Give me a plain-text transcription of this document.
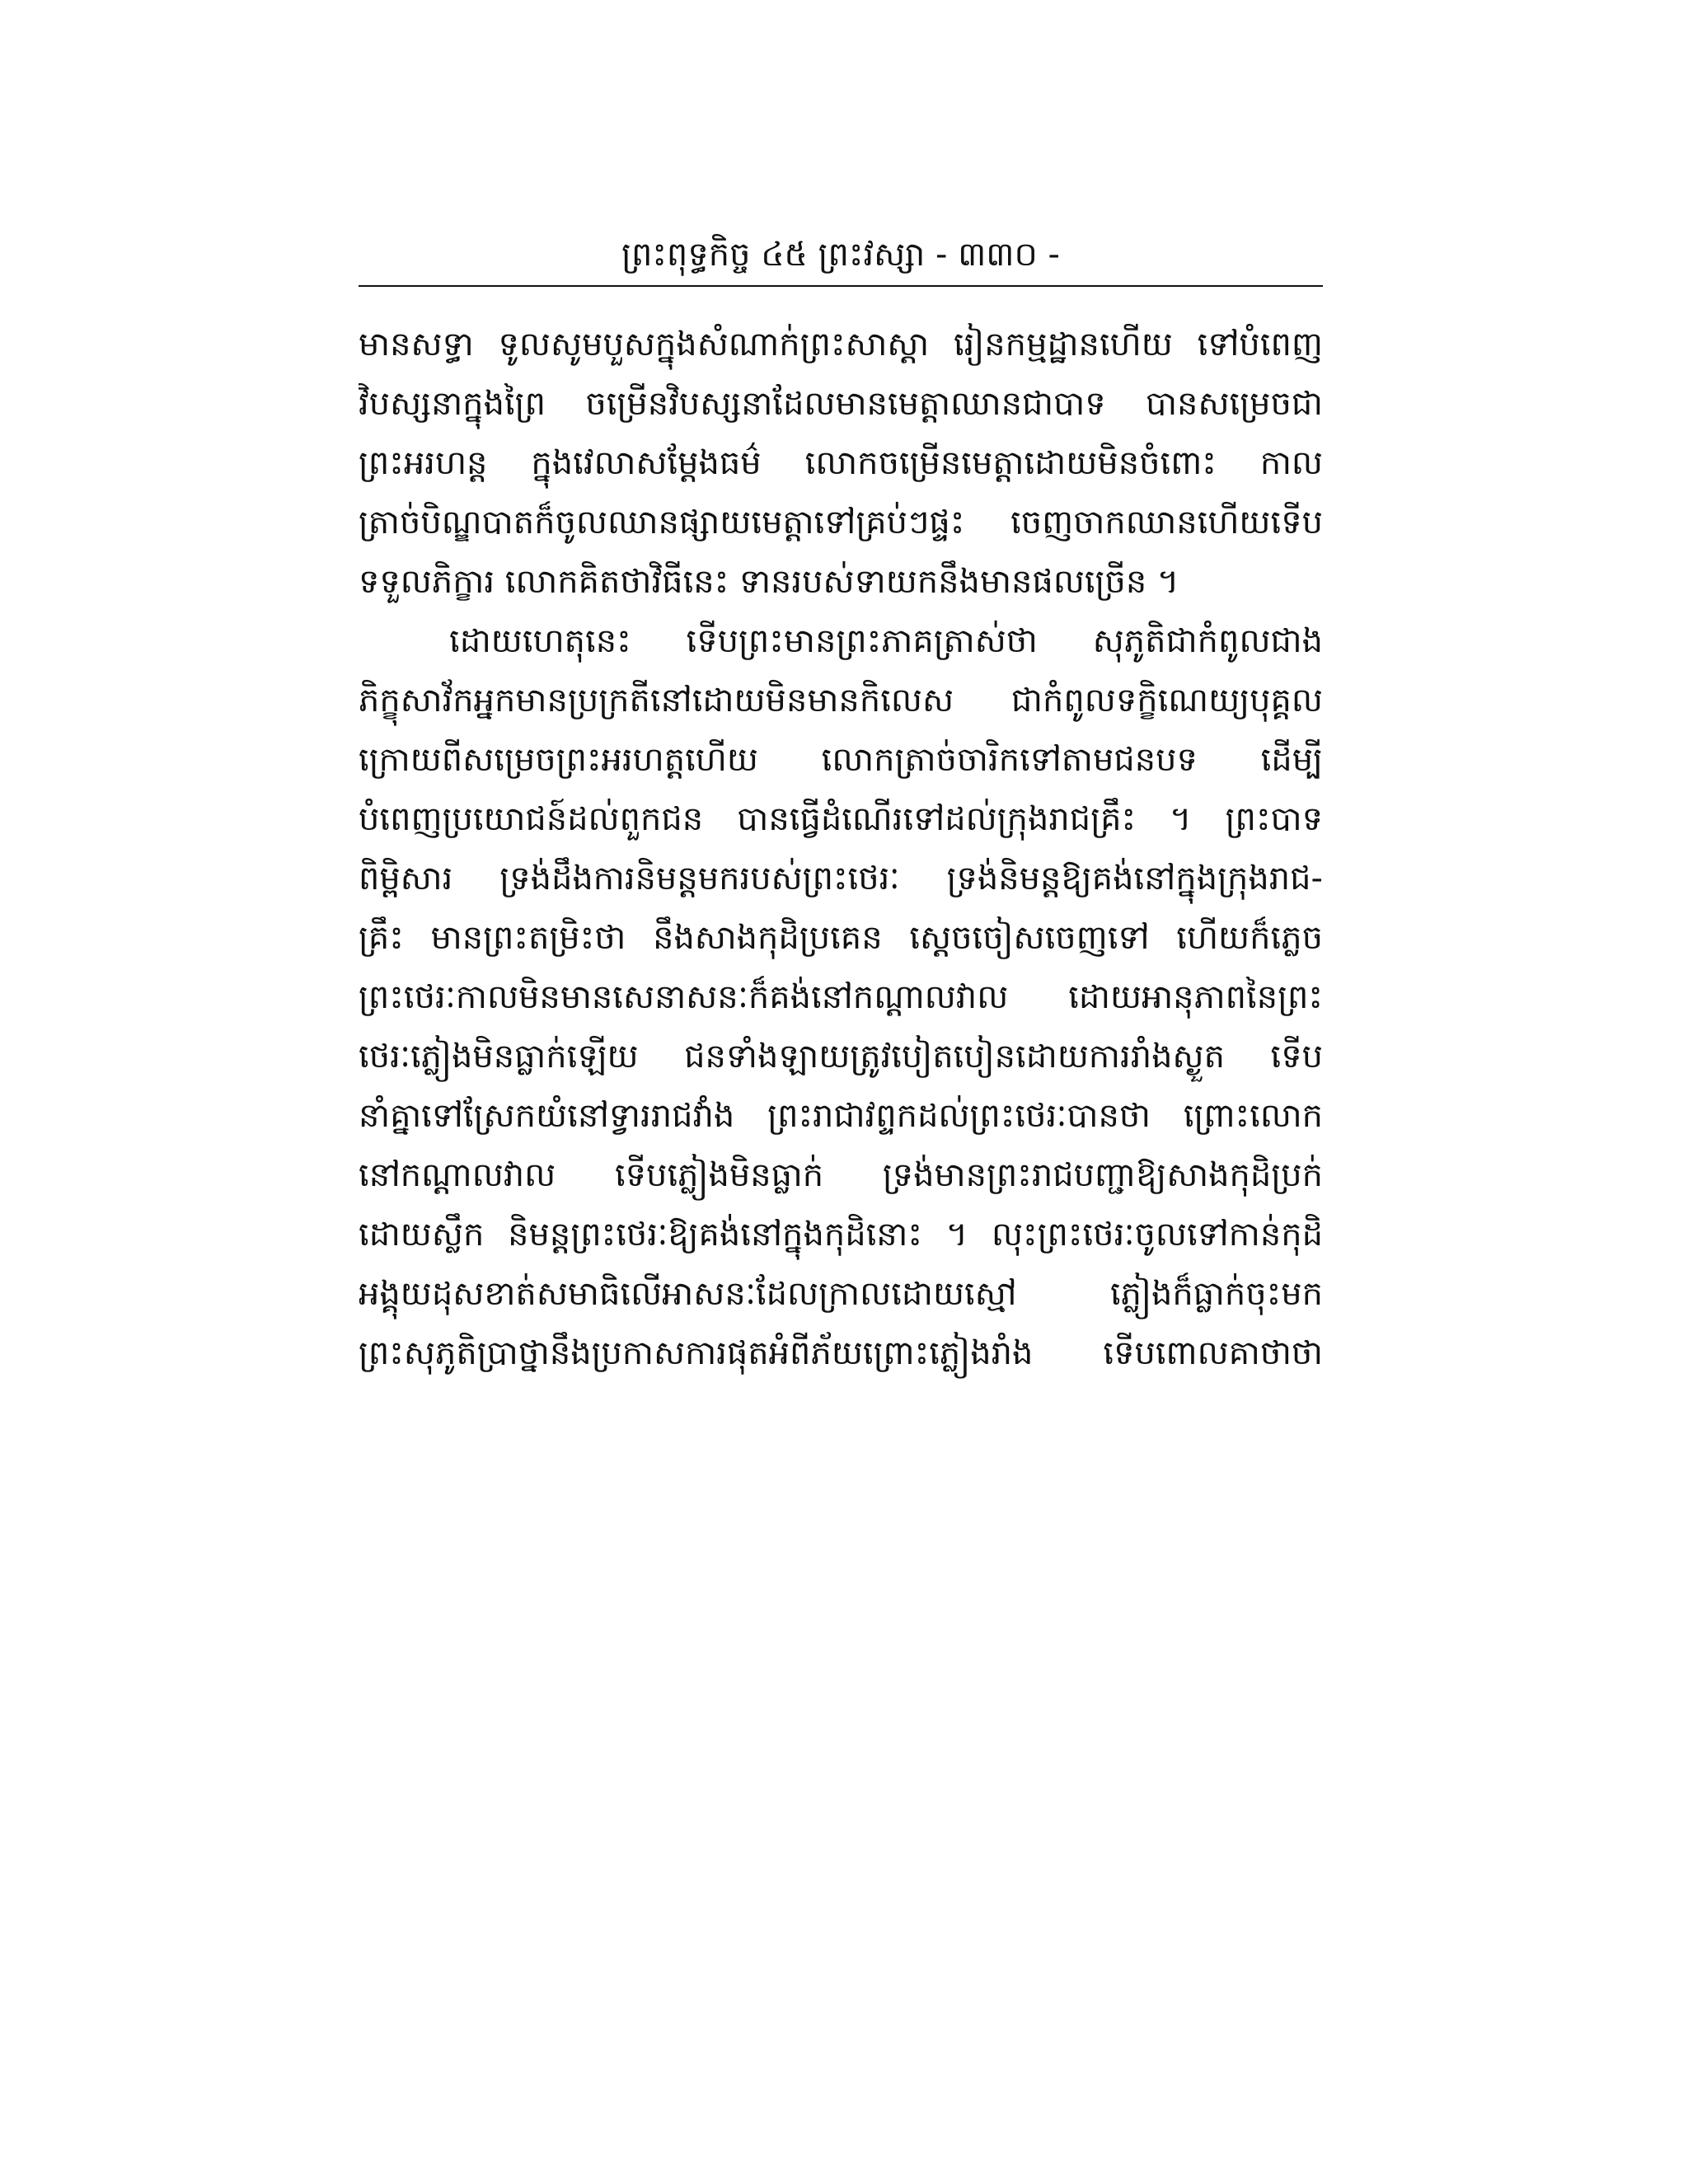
ព្រះពុទ្ធកិច្ច ៤៥ ព្រះវស្សា - ៣៣០ -
មានសទ្ធា ទូលសូមបួសក្នុងសំណាក់ព្រះសាស្តា រៀនកម្មដ្ឋានហើយ ទៅបំពេញ
វិបស្សនាក្នុងព្រៃ ចម្រើនវិបស្សនាដែលមានមេត្តាឈានជាបាទ បានសម្រេចជា
ព្រះអរហន្ត ក្នុងវេលាសម្ដែងធម៌ លោកចម្រើនមេត្តាដោយមិនចំពោះ កាល
ត្រាច់បិណ្ឌបាតក៏ចូលឈានផ្សាយមេត្តាទៅគ្រប់ៗផ្ទះ ចេញចាកឈានហើយទើប
ទទួលភិក្ខារ លោកគិតថាវិធីនេះ ទានរបស់ទាយកនឹងមានផលច្រើន ។
ដោយហេតុនេះ ទើបព្រះមានព្រះភាគត្រាស់ថា សុភូតិជាកំពូលជាង
ភិក្ខុសាវ័កអ្នកមានប្រក្រតីនៅដោយមិនមានកិលេស ជាកំពូលទក្ខិណេយ្យបុគ្គល
ក្រោយពីសម្រេចព្រះអរហត្តហើយ លោកត្រាច់ចារិកទៅតាមជនបទ ដើម្បី
បំពេញប្រយោជន៍ដល់ពួកជន បានធ្វើដំណើរទៅដល់ក្រុងរាជគ្រឹះ ។ ព្រះបាទ
ពិម្ពិសារ ទ្រង់ដឹងការនិមន្តមករបស់ព្រះថេរៈ ទ្រង់និមន្តឱ្យគង់នៅក្នុងក្រុងរាជ-
គ្រឹះ មានព្រះតម្រិះថា នឹងសាងកុដិប្រគេន ស្ដេចចៀសចេញទៅ ហើយក៏ភ្លេច
ព្រះថេរៈកាលមិនមានសេនាសនៈក៏គង់នៅកណ្ដាលវាល ដោយអានុភាពនៃព្រះ
ថេរៈភ្លៀងមិនធ្លាក់ឡើយ ជនទាំងឡាយត្រូវបៀតបៀនដោយការរាំងស្ងួត ទើប
នាំគ្នាទៅស្រែកយំនៅទ្វាររាជវាំង ព្រះរាជាវព្ទកដល់ព្រះថេរៈបានថា ព្រោះលោក
នៅកណ្ដាលវាល ទើបភ្លៀងមិនធ្លាក់ ទ្រង់មានព្រះរាជបញ្ជាឱ្យសាងកុដិប្រក់
ដោយស្លឹក និមន្តព្រះថេរៈឱ្យគង់នៅក្នុងកុដិនោះ ។ លុះព្រះថេរៈចូលទៅកាន់កុដិ
អង្គុយដុសខាត់សមាធិលើអាសនៈដែលក្រាលដោយស្មៅ ភ្លៀងក៏ធ្លាក់ចុះមក
ព្រះសុភូតិប្រាថ្នានឹងប្រកាសការផុតអំពីភ័យព្រោះភ្លៀងរាំង ទើបពោលគាថាថា
